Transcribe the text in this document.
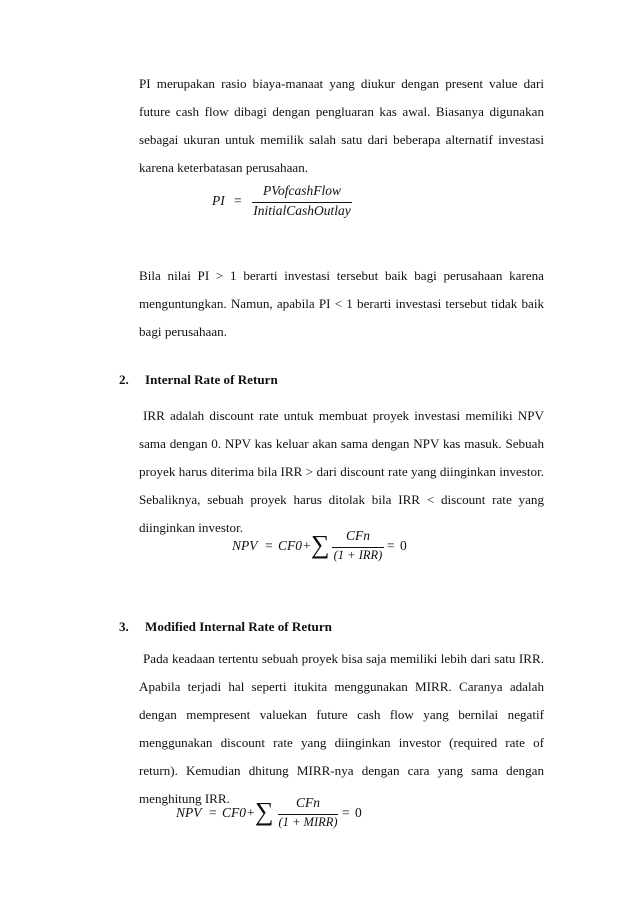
PI merupakan rasio biaya-manaat yang diukur dengan present value dari future cash flow dibagi dengan pengluaran kas awal. Biasanya digunakan sebagai ukuran untuk memilik salah satu dari beberapa alternatif investasi karena keterbatasan perusahaan.

PI =
PVofcashFlow
InitialCashOutlay

Bila nilai PI > 1 berarti investasi tersebut baik bagi perusahaan karena menguntungkan. Namun, apabila PI < 1 berarti investasi tersebut tidak baik bagi perusahaan.

2. Internal Rate of Return

IRR adalah discount rate untuk membuat proyek investasi memiliki NPV sama dengan 0. NPV kas keluar akan sama dengan NPV kas masuk. Sebuah proyek harus diterima bila IRR > dari discount rate yang diinginkan investor. Sebaliknya, sebuah proyek harus ditolak bila IRR < discount rate yang diinginkan investor.

NPV = CF0 + ∑	CFn
(1 + IRR)
= 0
3. Modified Internal Rate of Return

Pada keadaan tertentu sebuah proyek bisa saja memiliki lebih dari satu IRR. Apabila terjadi hal seperti itukita menggunakan MIRR. Caranya adalah dengan mempresent valuekan future cash flow yang bernilai negatif menggunakan discount rate yang diinginkan investor (required rate of return). Kemudian dhitung MIRR-nya dengan cara yang sama dengan menghitung IRR.

NPV = CF0 + ∑	CFn
(1 + MIRR)
= 0
